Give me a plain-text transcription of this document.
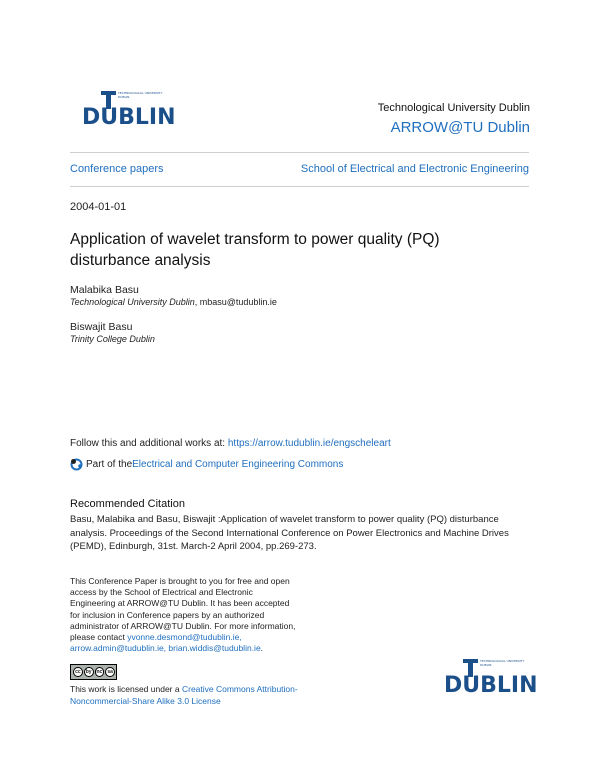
TECHNOLOGICAL UNIVERSITY DUBLIN
DUBLIN	Technological University Dublin
ARROW@TU Dublin
Conference papers	School of Electrical and Electronic Engineering
2004-01-01
Application of wavelet transform to power quality (PQ) disturbance analysis
Malabika Basu
Technological University Dublin, mbasu@tudublin.ie
Biswajit Basu
Trinity College Dublin
Follow this and additional works at: https://arrow.tudublin.ie/engscheleart
Part of the Electrical and Computer Engineering Commons
Recommended Citation
Basu, Malabika and Basu, Biswajit :Application of wavelet transform to power quality (PQ) disturbance analysis. Proceedings of the Second International Conference on Power Electronics and Machine Drives (PEMD), Edinburgh, 31st. March-2 April 2004, pp.269-273.
This Conference Paper is brought to you for free and open access by the School of Electrical and Electronic Engineering at ARROW@TU Dublin. It has been accepted for inclusion in Conference papers by an authorized administrator of ARROW@TU Dublin. For more information, please contact yvonne.desmond@tudublin.ie, arrow.admin@tudublin.ie, brian.widdis@tudublin.ie.
cc	by nc	sa
This work is licensed under a Creative Commons Attribution-Noncommercial-Share Alike 3.0 License
TECHNOLOGICAL UNIVERSITY DUBLIN
DUBLIN
